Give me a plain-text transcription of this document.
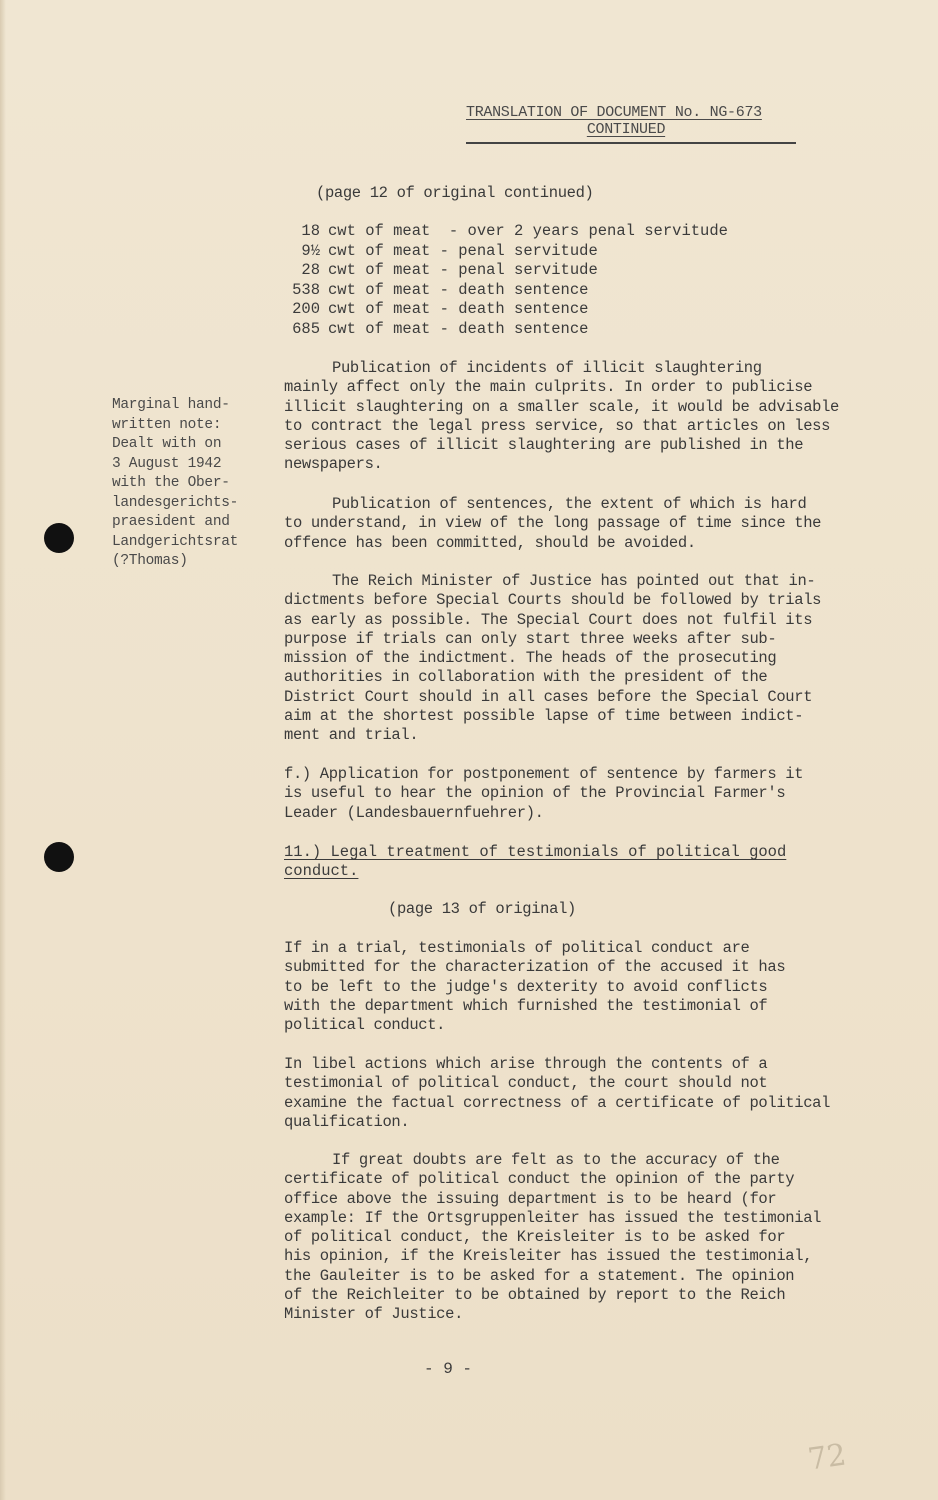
TRANSLATION OF DOCUMENT No. NG-673
CONTINUED
(page 12 of original continued)
18 cwt of meat  - over 2 years penal servitude
9½ cwt of meat - penal servitude
28 cwt of meat - penal servitude
538 cwt of meat - death sentence
200 cwt of meat - death sentence
685 cwt of meat - death sentence
Marginal hand-
written note:
Dealt with on
3 August 1942
with the Ober-
landesgerichts-
praesident and
Landgerichtsrat
(?Thomas)
Publication of incidents of illicit slaughtering
mainly affect only the main culprits. In order to publicise
illicit slaughtering on a smaller scale, it would be advisable
to contract the legal press service, so that articles on less
serious cases of illicit slaughtering are published in the
newspapers.
Publication of sentences, the extent of which is hard
to understand, in view of the long passage of time since the
offence has been committed, should be avoided.
The Reich Minister of Justice has pointed out that in-
dictments before Special Courts should be followed by trials
as early as possible. The Special Court does not fulfil its
purpose if trials can only start three weeks after sub-
mission of the indictment. The heads of the prosecuting
authorities in collaboration with the president of the
District Court should in all cases before the Special Court
aim at the shortest possible lapse of time between indict-
ment and trial.
f.) Application for postponement of sentence by farmers it
is useful to hear the opinion of the Provincial Farmer's
Leader (Landesbauernfuehrer).
11.) Legal treatment of testimonials of political good
conduct.
(page 13 of original)
If in a trial, testimonials of political conduct are
submitted for the characterization of the accused it has
to be left to the judge's dexterity to avoid conflicts
with the department which furnished the testimonial of
political conduct.
In libel actions which arise through the contents of a
testimonial of political conduct, the court should not
examine the factual correctness of a certificate of political
qualification.
If great doubts are felt as to the accuracy of the
certificate of political conduct the opinion of the party
office above the issuing department is to be heard (for
example: If the Ortsgruppenleiter has issued the testimonial
of political conduct, the Kreisleiter is to be asked for
his opinion, if the Kreisleiter has issued the testimonial,
the Gauleiter is to be asked for a statement. The opinion
of the Reichleiter to be obtained by report to the Reich
Minister of Justice.
- 9 -
72
